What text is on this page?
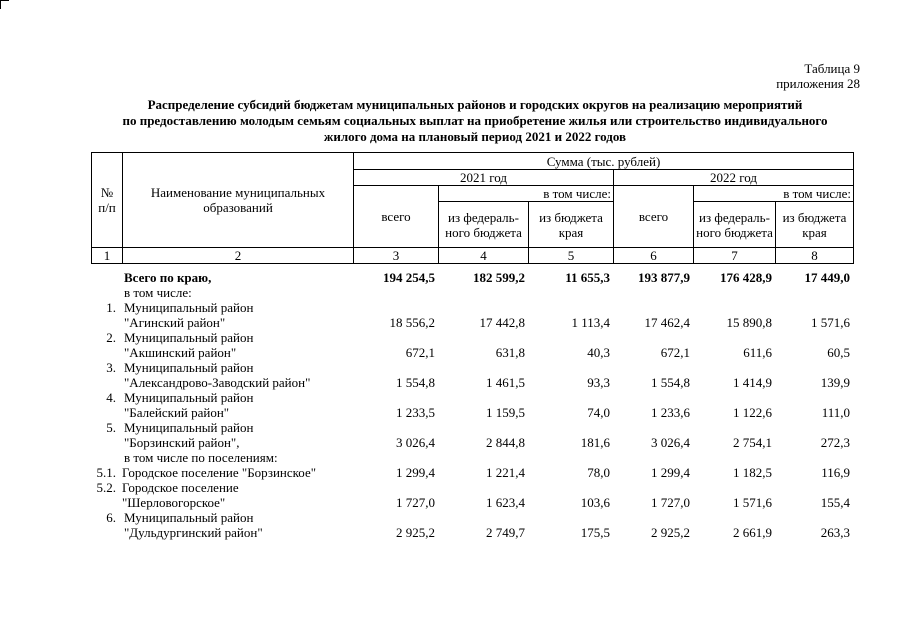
Таблица 9
приложения 28
Распределение субсидий бюджетам муниципальных районов и городских округов на реализацию мероприятий
по предоставлению молодым семьям социальных выплат на приобретение жилья или строительство индивидуального
жилого дома на плановый период 2021 и 2022 годов
№ п/п	Наименование муниципальных образований	Сумма (тыс. рублей)					
		2021 год			2022 год		
		всего	в том числе:		всего	в том числе:	
			из федераль-ного бюджета	из бюджета края		из федераль-ного бюджета	из бюджета края
1	2	3	4	5	6	7	8

	Всего по краю,	194 254,5	182 599,2	11 655,3	193 877,9	176 428,9	17 449,0

	в том числе:						

1.	Муниципальный район
"Агинский район"	18 556,2	17 442,8	1 113,4	17 462,4	15 890,8	1 571,6
2.	Муниципальный район
"Акшинский район"	672,1	631,8	40,3	672,1	611,6	60,5
3.	Муниципальный район
"Александрово-Заводский район"	1 554,8	1 461,5	93,3	1 554,8	1 414,9	139,9
4.	Муниципальный район
"Балейский район"	1 233,5	1 159,5	74,0	1 233,6	1 122,6	111,0
5.	Муниципальный район
"Борзинский район",	3 026,4	2 844,8	181,6	3 026,4	2 754,1	272,3

	в том числе по поселениям:						

5.1.	Городское поселение "Борзинское"	1 299,4	1 221,4	78,0	1 299,4	1 182,5	116,9
5.2.	Городское поселение
"Шерловогорское"	1 727,0	1 623,4	103,6	1 727,0	1 571,6	155,4
6.	Муниципальный район
"Дульдургинский район"	2 925,2	2 749,7	175,5	2 925,2	2 661,9	263,3
